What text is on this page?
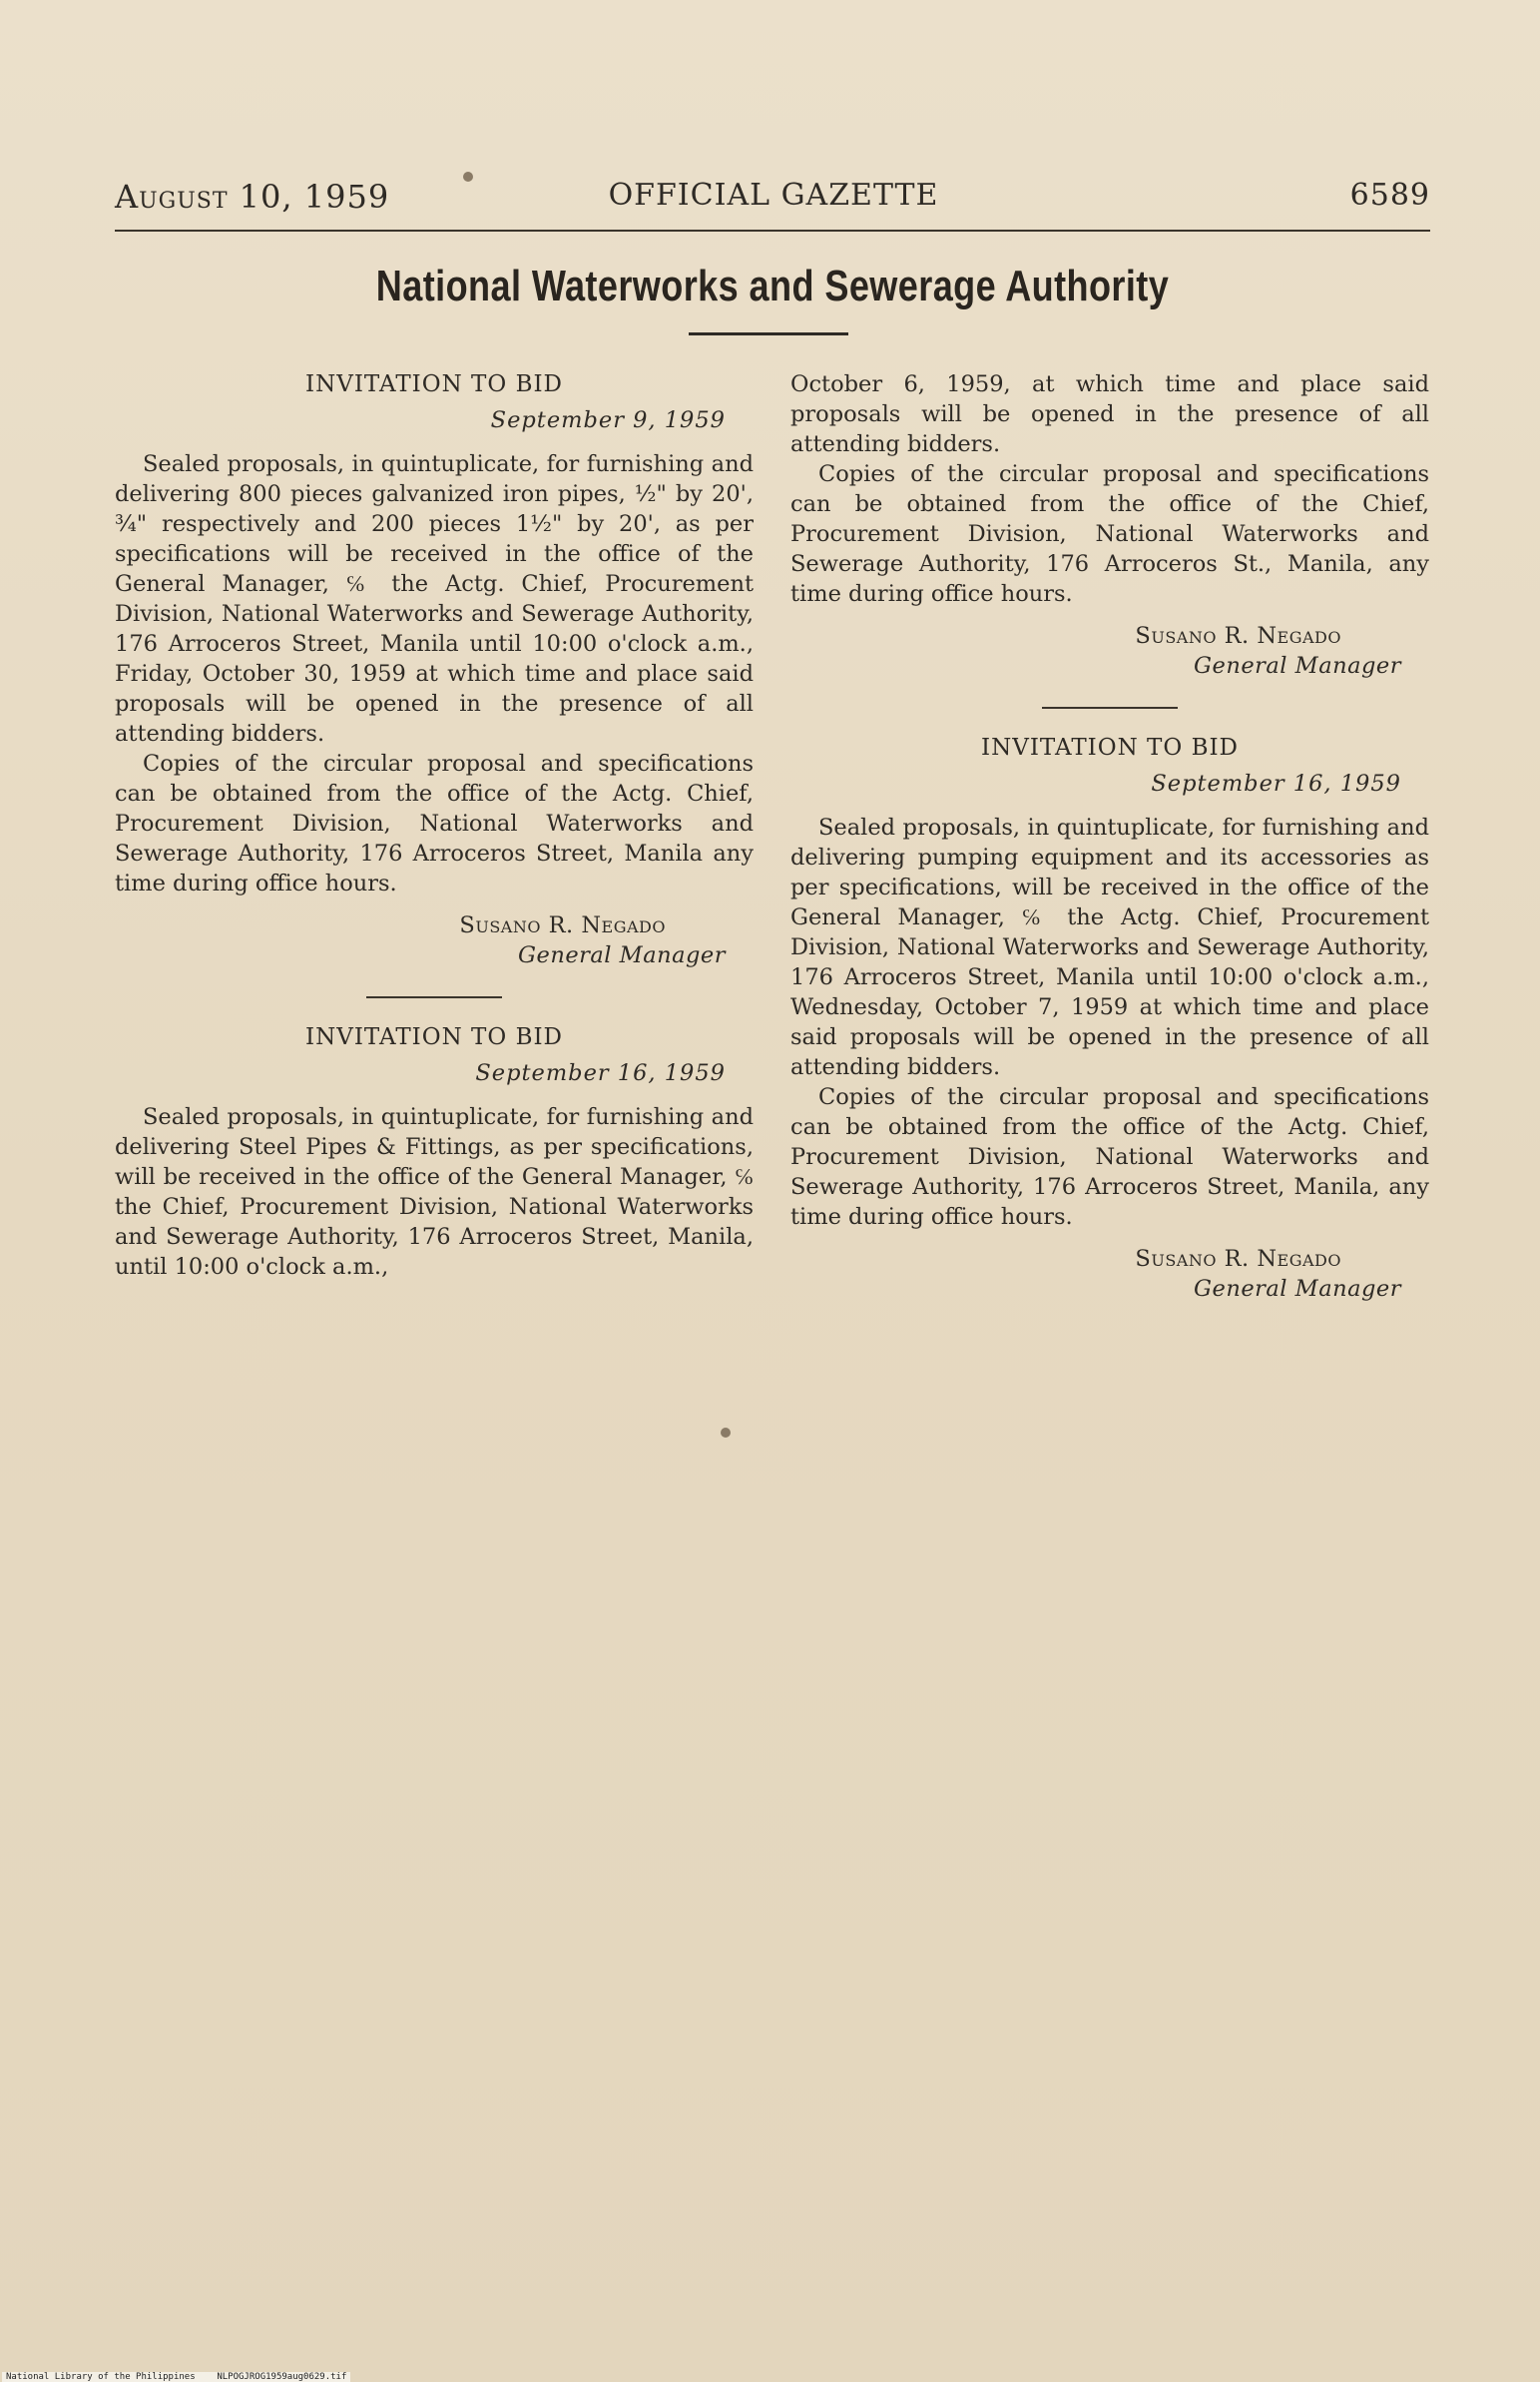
August 10, 1959	OFFICIAL GAZETTE	6589
National Waterworks and Sewerage Authority

INVITATION TO BID

September 9, 1959

Sealed proposals, in quintuplicate, for furnishing and delivering 800 pieces galvanized iron pipes, ½" by 20', ¾" respectively and 200 pieces 1½" by 20', as per specifications will be received in the office of the General Manager, ℅ the Actg. Chief, Procurement Division, National Waterworks and Sewerage Authority, 176 Arroceros Street, Manila until 10:00 o'clock a.m., Friday, October 30, 1959 at which time and place said proposals will be opened in the presence of all attending bidders.

Copies of the circular proposal and specifications can be obtained from the office of the Actg. Chief, Procurement Division, National Waterworks and Sewerage Authority, 176 Arroceros Street, Manila any time during office hours.

Susano R. Negado

General Manager

INVITATION TO BID

September 16, 1959

Sealed proposals, in quintuplicate, for furnishing and delivering Steel Pipes & Fittings, as per specifications, will be received in the office of the General Manager, ℅ the Chief, Procurement Division, National Waterworks and Sewerage Authority, 176 Arroceros Street, Manila, until 10:00 o'clock a.m.,

October 6, 1959, at which time and place said proposals will be opened in the presence of all attending bidders.

Copies of the circular proposal and specifications can be obtained from the office of the Chief, Procurement Division, National Waterworks and Sewerage Authority, 176 Arroceros St., Manila, any time during office hours.

Susano R. Negado

General Manager

INVITATION TO BID

September 16, 1959

Sealed proposals, in quintuplicate, for furnishing and delivering pumping equipment and its accessories as per specifications, will be received in the office of the General Manager, ℅ the Actg. Chief, Procurement Division, National Waterworks and Sewerage Authority, 176 Arroceros Street, Manila until 10:00 o'clock a.m., Wednesday, October 7, 1959 at which time and place said proposals will be opened in the presence of all attending bidders.

Copies of the circular proposal and specifications can be obtained from the office of the Actg. Chief, Procurement Division, National Waterworks and Sewerage Authority, 176 Arroceros Street, Manila, any time during office hours.

Susano R. Negado

General Manager

National Library of the Philippines NLPOGJROG1959aug0629.tif
